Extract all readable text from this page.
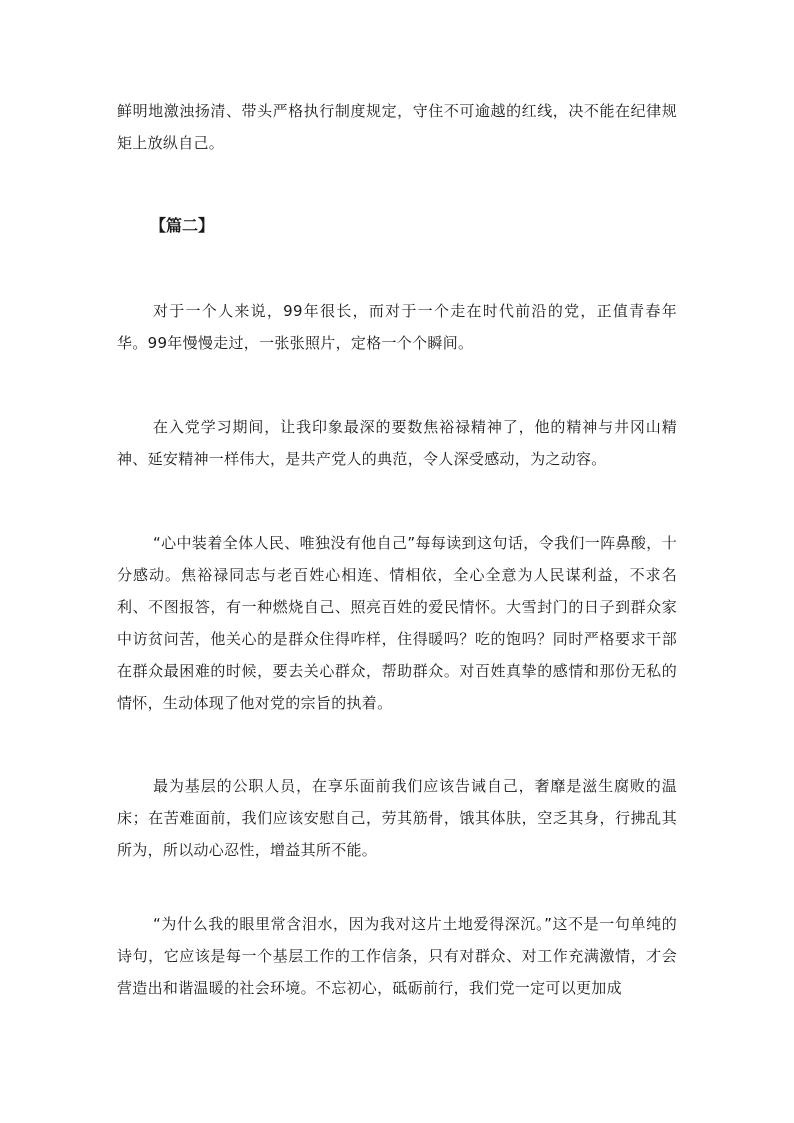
鲜明地激浊扬清、带头严格执行制度规定，守住不可逾越的红线，决不能在纪律规矩上放纵自己。

【篇二】

对于一个人来说，99年很长，而对于一个走在时代前沿的党，正值青春年华。99年慢慢走过，一张张照片，定格一个个瞬间。

在入党学习期间，让我印象最深的要数焦裕禄精神了，他的精神与井冈山精神、延安精神一样伟大，是共产党人的典范，令人深受感动，为之动容。

“心中装着全体人民、唯独没有他自己”每每读到这句话，令我们一阵鼻酸，十分感动。焦裕禄同志与老百姓心相连、情相依，全心全意为人民谋利益，不求名利、不图报答，有一种燃烧自己、照亮百姓的爱民情怀。大雪封门的日子到群众家中访贫问苦，他关心的是群众住得咋样，住得暖吗？吃的饱吗？同时严格要求干部在群众最困难的时候，要去关心群众，帮助群众。对百姓真挚的感情和那份无私的情怀，生动体现了他对党的宗旨的执着。

最为基层的公职人员，在享乐面前我们应该告诫自己，奢靡是滋生腐败的温床；在苦难面前，我们应该安慰自己，劳其筋骨，饿其体肤，空乏其身，行拂乱其所为，所以动心忍性，增益其所不能。

“为什么我的眼里常含泪水，因为我对这片土地爱得深沉。”这不是一句单纯的诗句，它应该是每一个基层工作的工作信条，只有对群众、对工作充满激情，才会营造出和谐温暖的社会环境。不忘初心，砥砺前行，我们党一定可以更加成
